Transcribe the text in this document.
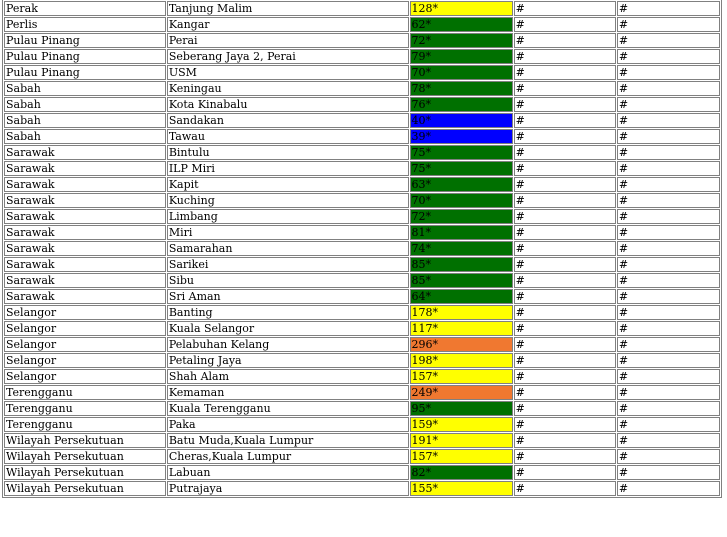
Perak	Tanjung Malim	128*	#	#
Perlis	Kangar	62*	#	#
Pulau Pinang	Perai	72*	#	#
Pulau Pinang	Seberang Jaya 2, Perai	79*	#	#
Pulau Pinang	USM	70*	#	#
Sabah	Keningau	78*	#	#
Sabah	Kota Kinabalu	76*	#	#
Sabah	Sandakan	40*	#	#
Sabah	Tawau	39*	#	#
Sarawak	Bintulu	75*	#	#
Sarawak	ILP Miri	75*	#	#
Sarawak	Kapit	63*	#	#
Sarawak	Kuching	70*	#	#
Sarawak	Limbang	72*	#	#
Sarawak	Miri	81*	#	#
Sarawak	Samarahan	74*	#	#
Sarawak	Sarikei	85*	#	#
Sarawak	Sibu	85*	#	#
Sarawak	Sri Aman	64*	#	#
Selangor	Banting	178*	#	#
Selangor	Kuala Selangor	117*	#	#
Selangor	Pelabuhan Kelang	296*	#	#
Selangor	Petaling Jaya	198*	#	#
Selangor	Shah Alam	157*	#	#
Terengganu	Kemaman	249*	#	#
Terengganu	Kuala Terengganu	95*	#	#
Terengganu	Paka	159*	#	#
Wilayah Persekutuan	Batu Muda,Kuala Lumpur	191*	#	#
Wilayah Persekutuan	Cheras,Kuala Lumpur	157*	#	#
Wilayah Persekutuan	Labuan	82*	#	#
Wilayah Persekutuan	Putrajaya	155*	#	#
